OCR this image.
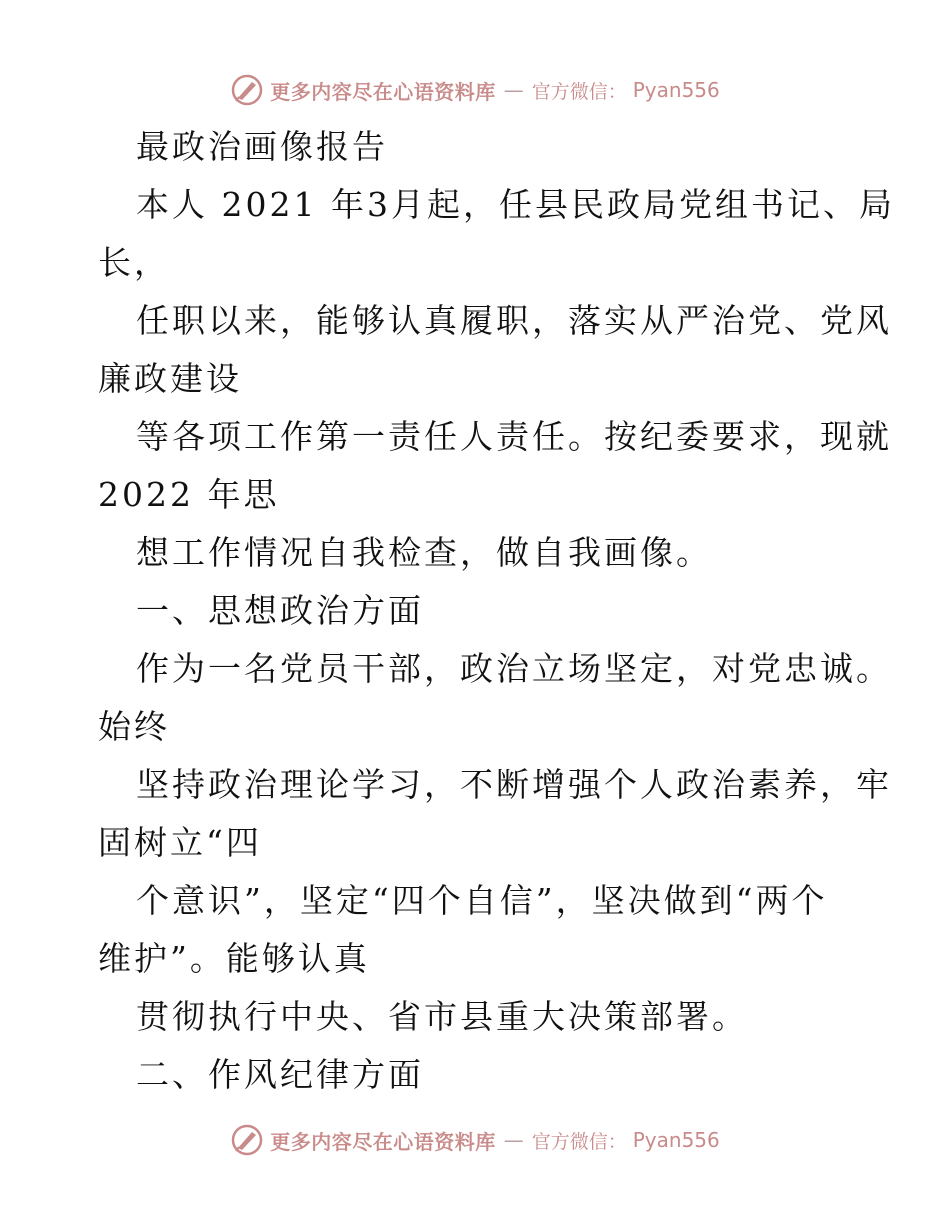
更多内容尽在心语资料库 — 官方微信： Pyan556
最政治画像报告
本人 2021 年3月起，任县民政局党组书记、局
长，
任职以来，能够认真履职，落实从严治党、党风
廉政建设
等各项工作第一责任人责任。按纪委要求，现就
2022 年思
想工作情况自我检查，做自我画像。
一、思想政治方面
作为一名党员干部，政治立场坚定，对党忠诚。
始终
坚持政治理论学习，不断增强个人政治素养，牢
固树立“四
个意识”，坚定“四个自信”，坚决做到“两个
维护”。能够认真
贯彻执行中央、省市县重大决策部署。
二、作风纪律方面
更多内容尽在心语资料库 — 官方微信： Pyan556
